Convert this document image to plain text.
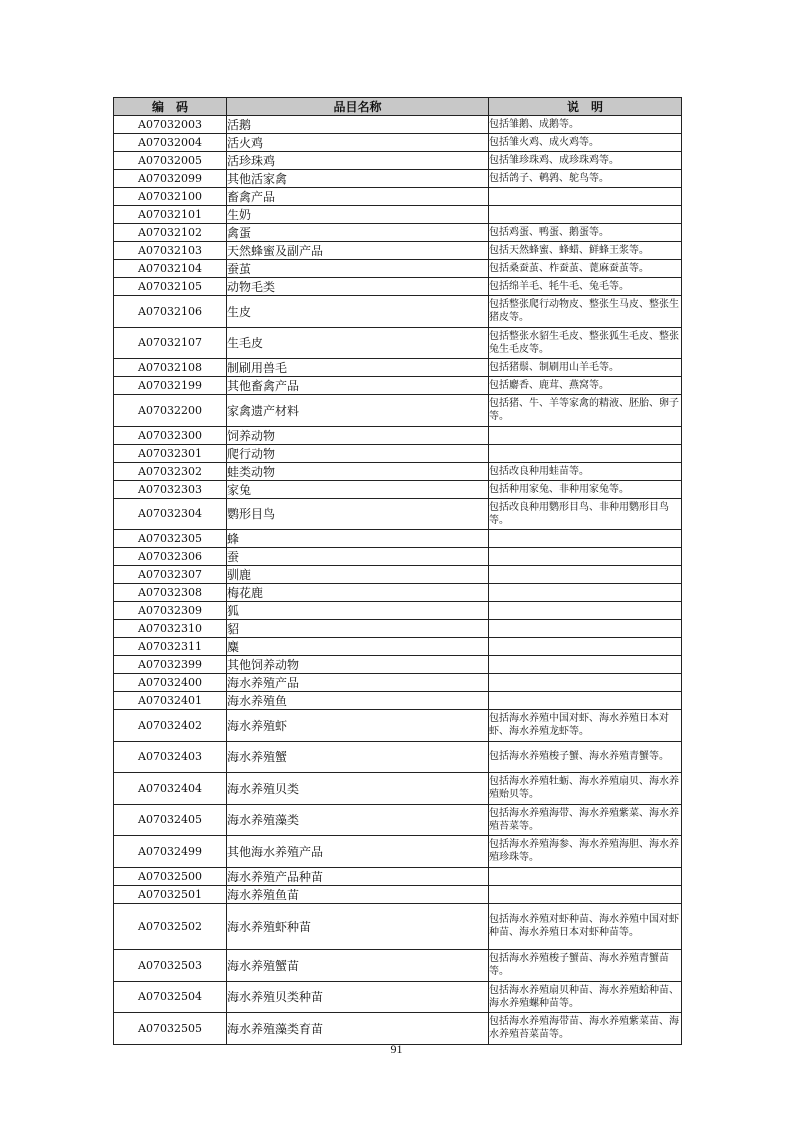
编　码	品目名称	说　明
A07032003	活鹅	包括雏鹅、成鹅等。
A07032004	活火鸡	包括雏火鸡、成火鸡等。
A07032005	活珍珠鸡	包括雏珍珠鸡、成珍珠鸡等。
A07032099	其他活家禽	包括鸽子、鹌鹑、鸵鸟等。
A07032100	畜禽产品	
A07032101	生奶	
A07032102	禽蛋	包括鸡蛋、鸭蛋、鹅蛋等。
A07032103	天然蜂蜜及副产品	包括天然蜂蜜、蜂蜡、鲜蜂王浆等。
A07032104	蚕茧	包括桑蚕茧、柞蚕茧、蓖麻蚕茧等。
A07032105	动物毛类	包括绵羊毛、牦牛毛、兔毛等。
A07032106	生皮	包括整张爬行动物皮、整张生马皮、整张生猪皮等。
A07032107	生毛皮	包括整张水貂生毛皮、整张狐生毛皮、整张兔生毛皮等。
A07032108	制刷用兽毛	包括猪鬃、制刷用山羊毛等。
A07032199	其他畜禽产品	包括麝香、鹿茸、燕窝等。
A07032200	家禽遗产材料	包括猪、牛、羊等家禽的精液、胚胎、卵子等。
A07032300	饲养动物	
A07032301	爬行动物	
A07032302	蛙类动物	包括改良种用蛙苗等。
A07032303	家兔	包括种用家兔、非种用家兔等。
A07032304	鹦形目鸟	包括改良种用鹦形目鸟、非种用鹦形目鸟等。
A07032305	蜂	
A07032306	蚕	
A07032307	驯鹿	
A07032308	梅花鹿	
A07032309	狐	
A07032310	貂	
A07032311	麋	
A07032399	其他饲养动物	
A07032400	海水养殖产品	
A07032401	海水养殖鱼	
A07032402	海水养殖虾	包括海水养殖中国对虾、海水养殖日本对虾、海水养殖龙虾等。
A07032403	海水养殖蟹	包括海水养殖梭子蟹、海水养殖青蟹等。
A07032404	海水养殖贝类	包括海水养殖牡蛎、海水养殖扇贝、海水养殖贻贝等。
A07032405	海水养殖藻类	包括海水养殖海带、海水养殖紫菜、海水养殖苔菜等。
A07032499	其他海水养殖产品	包括海水养殖海参、海水养殖海胆、海水养殖珍珠等。
A07032500	海水养殖产品种苗	
A07032501	海水养殖鱼苗	
A07032502	海水养殖虾种苗	包括海水养殖对虾种苗、海水养殖中国对虾种苗、海水养殖日本对虾种苗等。
A07032503	海水养殖蟹苗	包括海水养殖梭子蟹苗、海水养殖青蟹苗等。
A07032504	海水养殖贝类种苗	包括海水养殖扇贝种苗、海水养殖蛤种苗、海水养殖螺种苗等。
A07032505	海水养殖藻类育苗	包括海水养殖海带苗、海水养殖紫菜苗、海水养殖苔菜苗等。
91
